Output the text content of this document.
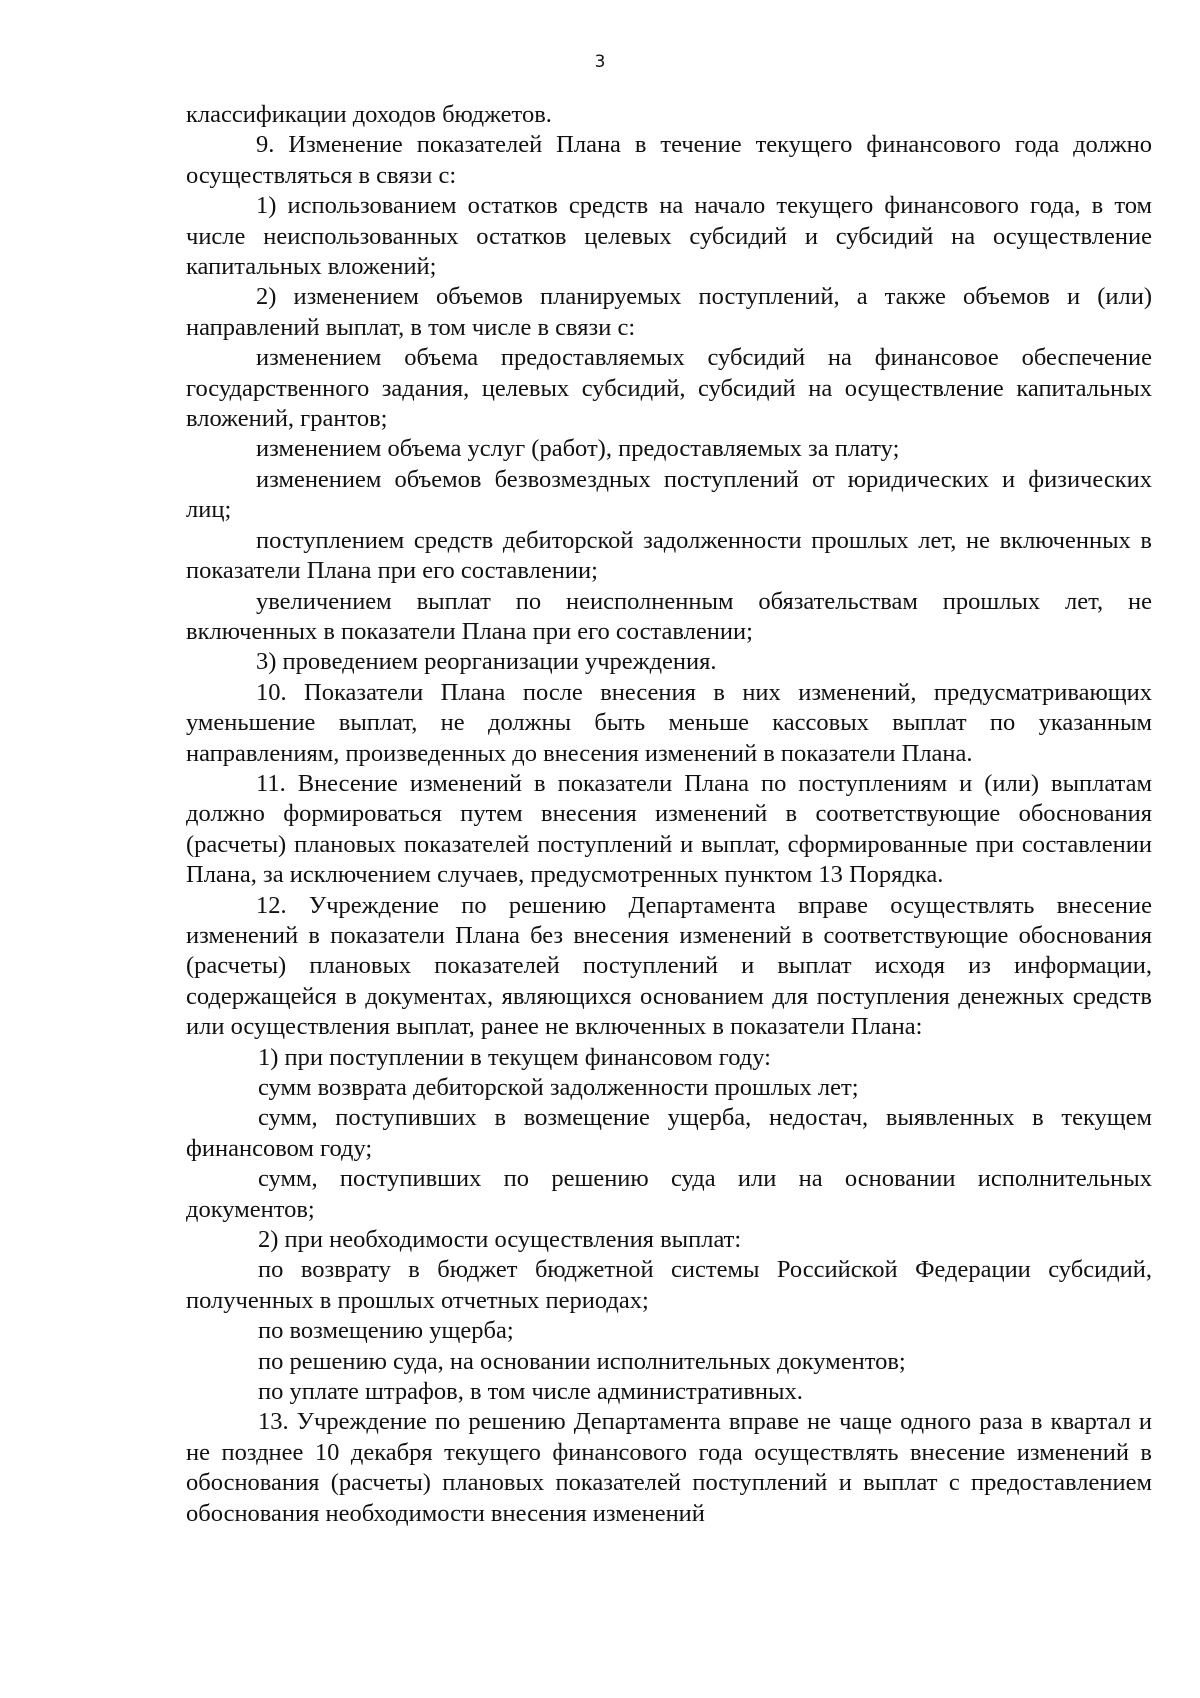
3

классификации доходов бюджетов.

9. Изменение показателей Плана в течение текущего финансового года должно осуществляться в связи с:

1) использованием остатков средств на начало текущего финансового года, в том числе неиспользованных остатков целевых субсидий и субсидий на осуществление капитальных вложений;

2) изменением объемов планируемых поступлений, а также объемов и (или) направлений выплат, в том числе в связи с:

изменением объема предоставляемых субсидий на финансовое обеспечение государственного задания, целевых субсидий, субсидий на осуществление капитальных вложений, грантов;

изменением объема услуг (работ), предоставляемых за плату;

изменением объемов безвозмездных поступлений от юридических и физических лиц;

поступлением средств дебиторской задолженности прошлых лет, не включенных в показатели Плана при его составлении;

увеличением выплат по неисполненным обязательствам прошлых лет, не включенных в показатели Плана при его составлении;

3) проведением реорганизации учреждения.

10. Показатели Плана после внесения в них изменений, предусматривающих уменьшение выплат, не должны быть меньше кассовых выплат по указанным направлениям, произведенных до внесения изменений в показатели Плана.

11. Внесение изменений в показатели Плана по поступлениям и (или) выплатам должно формироваться путем внесения изменений в соответствующие обоснования (расчеты) плановых показателей поступлений и выплат, сформированные при составлении Плана, за исключением случаев, предусмотренных пунктом 13 Порядка.

12. Учреждение по решению Департамента вправе осуществлять внесение изменений в показатели Плана без внесения изменений в соответствующие обоснования (расчеты) плановых показателей поступлений и выплат исходя из информации, содержащейся в документах, являющихся основанием для поступления денежных средств или осуществления выплат, ранее не включенных в показатели Плана:

1) при поступлении в текущем финансовом году:

сумм возврата дебиторской задолженности прошлых лет;

сумм, поступивших в возмещение ущерба, недостач, выявленных в текущем финансовом году;

сумм, поступивших по решению суда или на основании исполнительных документов;

2) при необходимости осуществления выплат:

по возврату в бюджет бюджетной системы Российской Федерации субсидий, полученных в прошлых отчетных периодах;

по возмещению ущерба;

по решению суда, на основании исполнительных документов;

по уплате штрафов, в том числе административных.

13. Учреждение по решению Департамента вправе не чаще одного раза в квартал и не позднее 10 декабря текущего финансового года осуществлять внесение изменений в обоснования (расчеты) плановых показателей поступлений и выплат с предоставлением обоснования необходимости внесения изменений
